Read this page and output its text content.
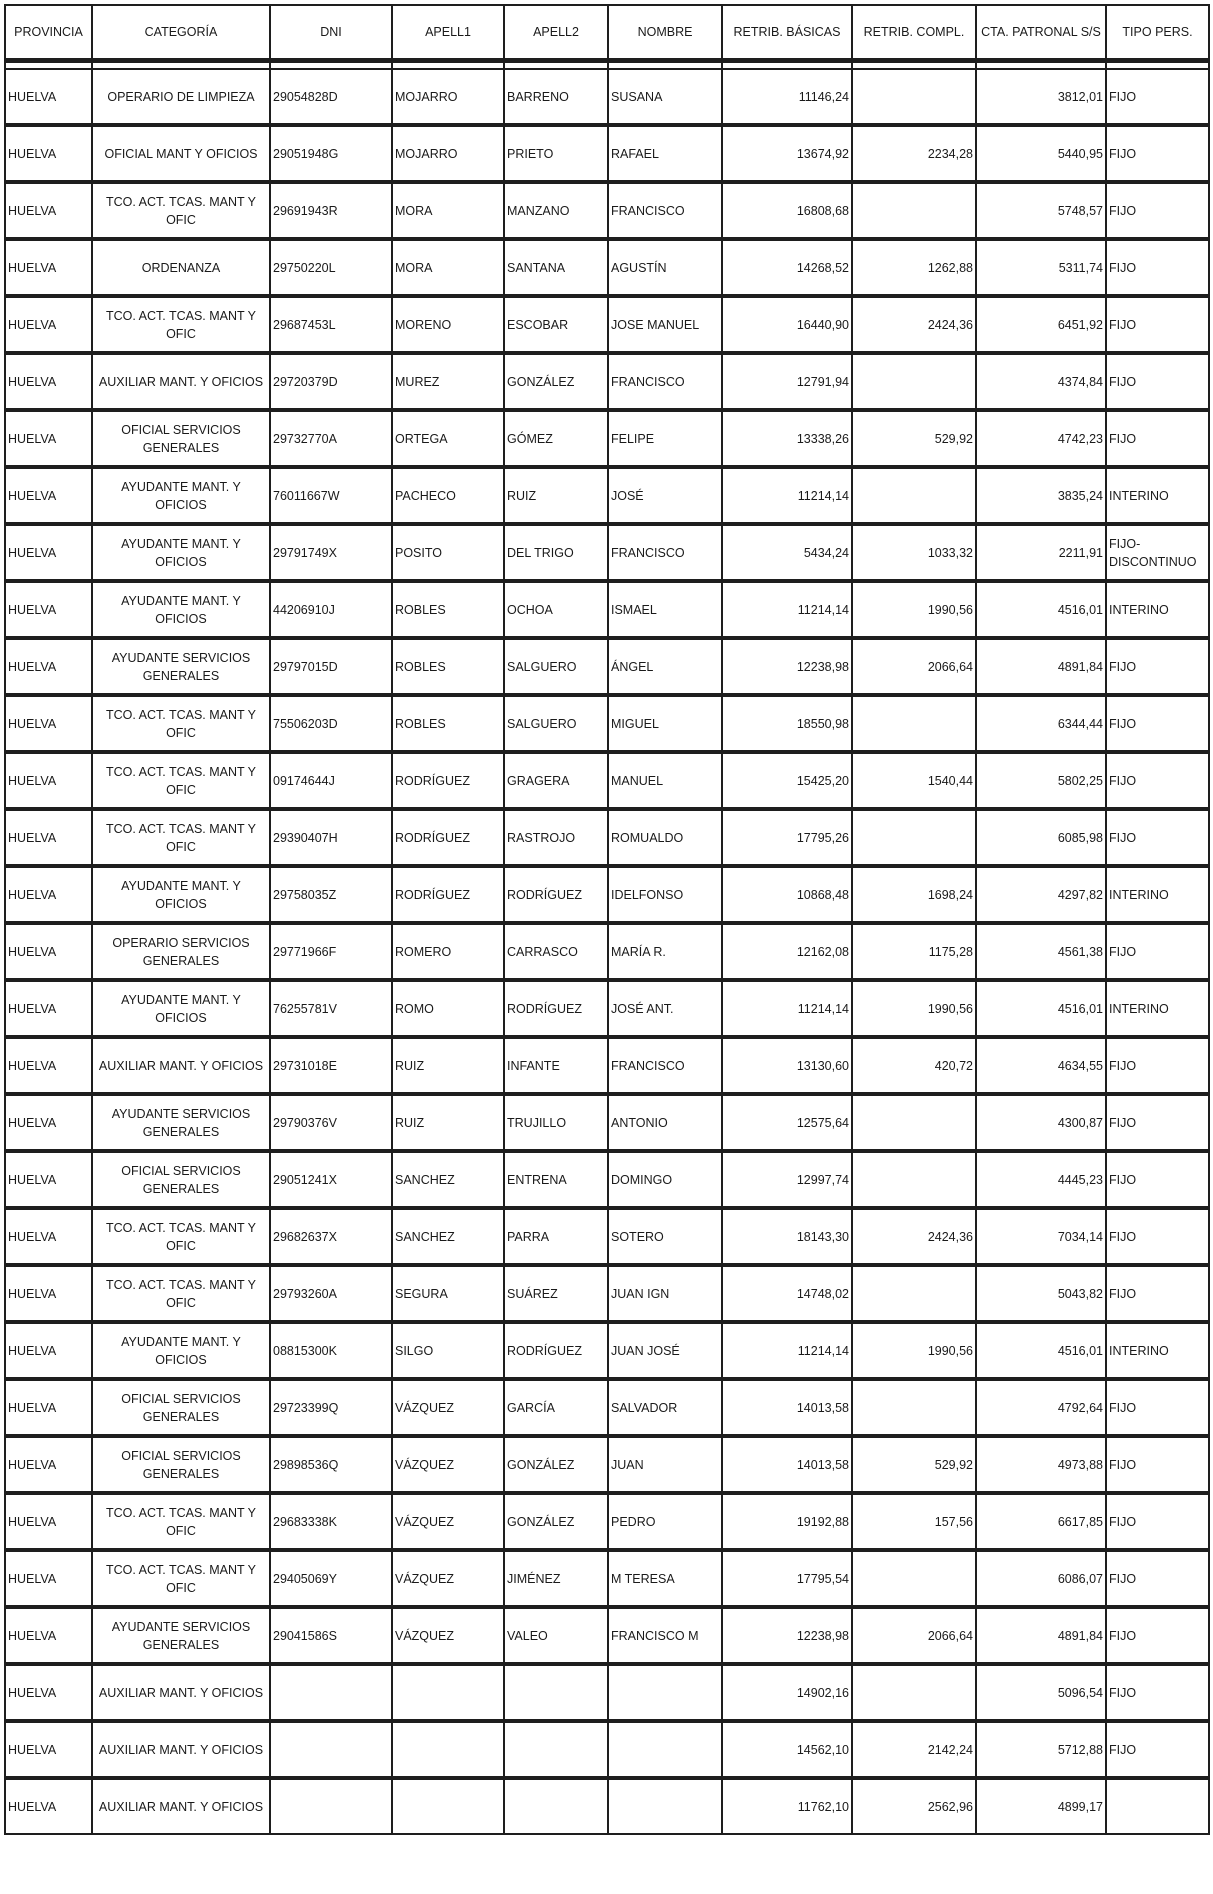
PROVINCIA	CATEGORÍA	DNI	APELL1	APELL2	NOMBRE	RETRIB. BÁSICAS	RETRIB. COMPL.	CTA. PATRONAL S/S	TIPO PERS.

HUELVA	OPERARIO DE LIMPIEZA	29054828D	MOJARRO	BARRENO	SUSANA	11146,24		3812,01	FIJO
HUELVA	OFICIAL MANT Y OFICIOS	29051948G	MOJARRO	PRIETO	RAFAEL	13674,92	2234,28	5440,95	FIJO
HUELVA	TCO. ACT. TCAS. MANT Y OFIC	29691943R	MORA	MANZANO	FRANCISCO	16808,68		5748,57	FIJO
HUELVA	ORDENANZA	29750220L	MORA	SANTANA	AGUSTÍN	14268,52	1262,88	5311,74	FIJO
HUELVA	TCO. ACT. TCAS. MANT Y OFIC	29687453L	MORENO	ESCOBAR	JOSE MANUEL	16440,90	2424,36	6451,92	FIJO
HUELVA	AUXILIAR MANT. Y OFICIOS	29720379D	MUREZ	GONZÁLEZ	FRANCISCO	12791,94		4374,84	FIJO
HUELVA	OFICIAL SERVICIOS GENERALES	29732770A	ORTEGA	GÓMEZ	FELIPE	13338,26	529,92	4742,23	FIJO
HUELVA	AYUDANTE MANT. Y OFICIOS	76011667W	PACHECO	RUIZ	JOSÉ	11214,14		3835,24	INTERINO
HUELVA	AYUDANTE MANT. Y OFICIOS	29791749X	POSITO	DEL TRIGO	FRANCISCO	5434,24	1033,32	2211,91	FIJO-DISCONTINUO
HUELVA	AYUDANTE MANT. Y OFICIOS	44206910J	ROBLES	OCHOA	ISMAEL	11214,14	1990,56	4516,01	INTERINO
HUELVA	AYUDANTE SERVICIOS GENERALES	29797015D	ROBLES	SALGUERO	ÁNGEL	12238,98	2066,64	4891,84	FIJO
HUELVA	TCO. ACT. TCAS. MANT Y OFIC	75506203D	ROBLES	SALGUERO	MIGUEL	18550,98		6344,44	FIJO
HUELVA	TCO. ACT. TCAS. MANT Y OFIC	09174644J	RODRÍGUEZ	GRAGERA	MANUEL	15425,20	1540,44	5802,25	FIJO
HUELVA	TCO. ACT. TCAS. MANT Y OFIC	29390407H	RODRÍGUEZ	RASTROJO	ROMUALDO	17795,26		6085,98	FIJO
HUELVA	AYUDANTE MANT. Y OFICIOS	29758035Z	RODRÍGUEZ	RODRÍGUEZ	IDELFONSO	10868,48	1698,24	4297,82	INTERINO
HUELVA	OPERARIO SERVICIOS GENERALES	29771966F	ROMERO	CARRASCO	MARÍA R.	12162,08	1175,28	4561,38	FIJO
HUELVA	AYUDANTE MANT. Y OFICIOS	76255781V	ROMO	RODRÍGUEZ	JOSÉ ANT.	11214,14	1990,56	4516,01	INTERINO
HUELVA	AUXILIAR MANT. Y OFICIOS	29731018E	RUIZ	INFANTE	FRANCISCO	13130,60	420,72	4634,55	FIJO
HUELVA	AYUDANTE SERVICIOS GENERALES	29790376V	RUIZ	TRUJILLO	ANTONIO	12575,64		4300,87	FIJO
HUELVA	OFICIAL SERVICIOS GENERALES	29051241X	SANCHEZ	ENTRENA	DOMINGO	12997,74		4445,23	FIJO
HUELVA	TCO. ACT. TCAS. MANT Y OFIC	29682637X	SANCHEZ	PARRA	SOTERO	18143,30	2424,36	7034,14	FIJO
HUELVA	TCO. ACT. TCAS. MANT Y OFIC	29793260A	SEGURA	SUÁREZ	JUAN IGN	14748,02		5043,82	FIJO
HUELVA	AYUDANTE MANT. Y OFICIOS	08815300K	SILGO	RODRÍGUEZ	JUAN JOSÉ	11214,14	1990,56	4516,01	INTERINO
HUELVA	OFICIAL SERVICIOS GENERALES	29723399Q	VÁZQUEZ	GARCÍA	SALVADOR	14013,58		4792,64	FIJO
HUELVA	OFICIAL SERVICIOS GENERALES	29898536Q	VÁZQUEZ	GONZÁLEZ	JUAN	14013,58	529,92	4973,88	FIJO
HUELVA	TCO. ACT. TCAS. MANT Y OFIC	29683338K	VÁZQUEZ	GONZÁLEZ	PEDRO	19192,88	157,56	6617,85	FIJO
HUELVA	TCO. ACT. TCAS. MANT Y OFIC	29405069Y	VÁZQUEZ	JIMÉNEZ	M TERESA	17795,54		6086,07	FIJO
HUELVA	AYUDANTE SERVICIOS GENERALES	29041586S	VÁZQUEZ	VALEO	FRANCISCO M	12238,98	2066,64	4891,84	FIJO
HUELVA	AUXILIAR MANT. Y OFICIOS					14902,16		5096,54	FIJO
HUELVA	AUXILIAR MANT. Y OFICIOS					14562,10	2142,24	5712,88	FIJO
HUELVA	AUXILIAR MANT. Y OFICIOS					11762,10	2562,96	4899,17	
